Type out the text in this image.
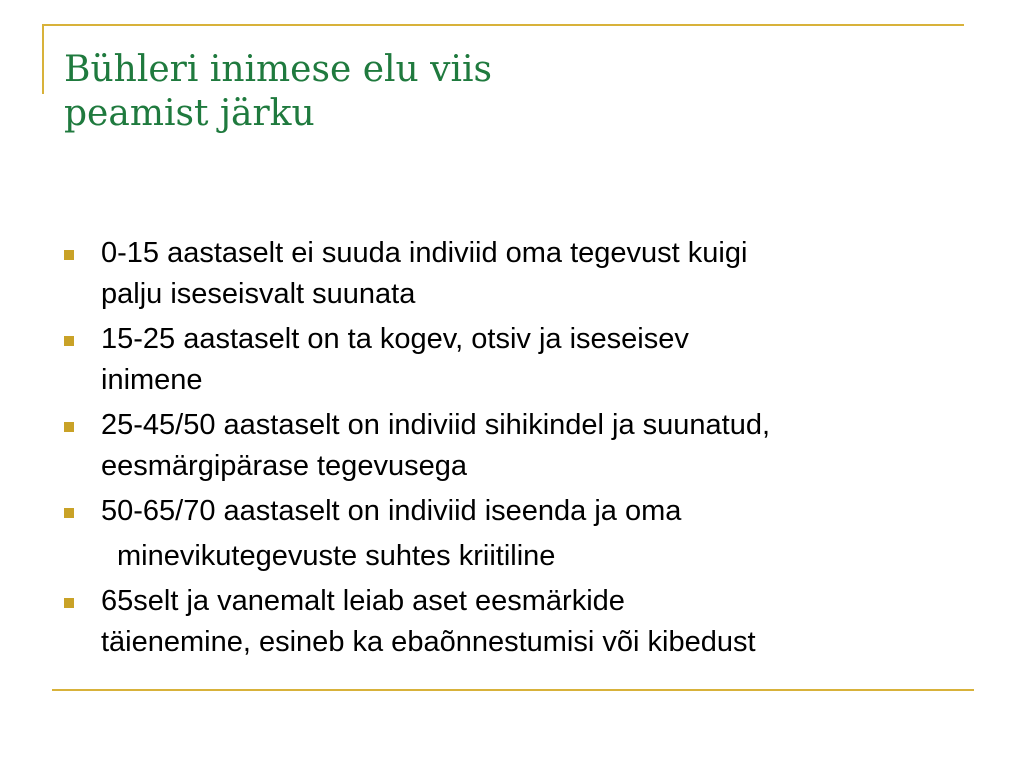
Bühleri inimese elu viis
peamist järku
0-15 aastaselt ei suuda indiviid oma tegevust kuigi
palju iseseisvalt suunata
15-25 aastaselt on ta kogev, otsiv ja iseseisev
inimene
25-45/50 aastaselt on indiviid sihikindel ja suunatud,
eesmärgipärase tegevusega
50-65/70 aastaselt on indiviid iseenda ja oma
minevikutegevuste suhtes kriitiline
65selt ja vanemalt leiab aset eesmärkide
täienemine, esineb ka ebaõnnestumisi või kibedust
